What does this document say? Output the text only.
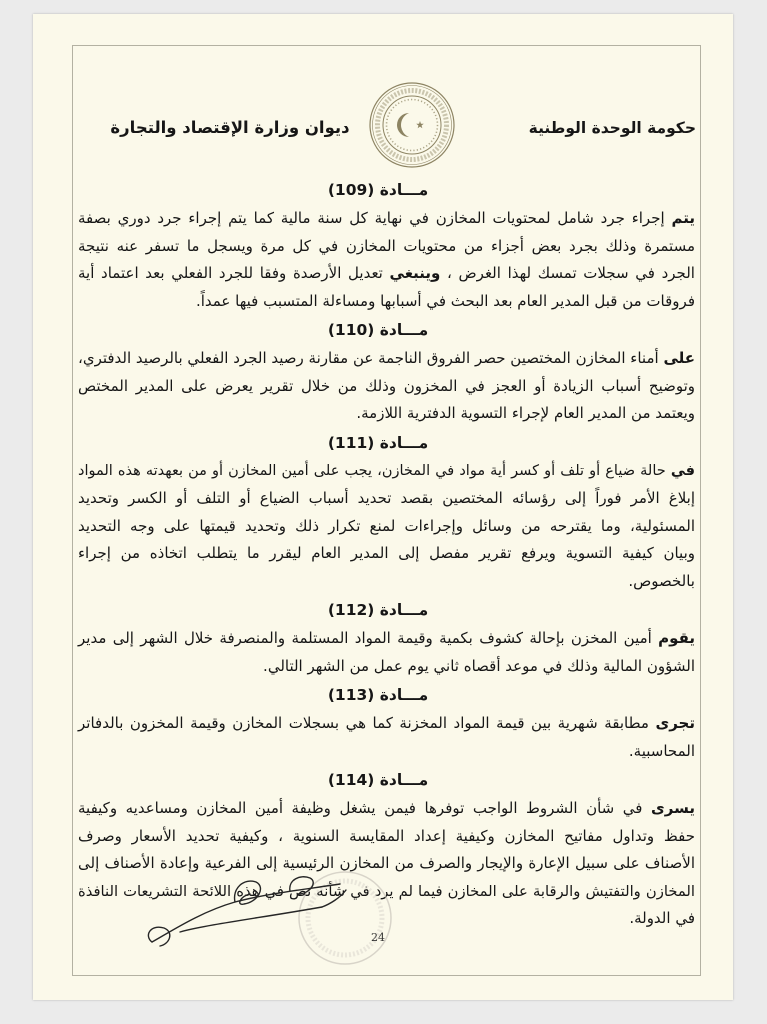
حكومة الوحدة الوطنية
ديوان وزارة الإقتصاد والتجارة
مـــادة (109)
يتم إجراء جرد شامل لمحتويات المخازن في نهاية كل سنة مالية كما يتم إجراء جرد دوري بصفة
مستمرة وذلك بجرد بعض أجزاء من محتويات المخازن في كل مرة ويسجل ما تسفر عنه نتيجة
الجرد في سجلات تمسك لهذا الغرض ، وينبغي تعديل الأرصدة وفقا للجرد الفعلي بعد اعتماد أية
فروقات من قبل المدير العام بعد البحث في أسبابها ومساءلة المتسبب فيها عمداً.
مـــادة (110)
على أمناء المخازن المختصين حصر الفروق الناجمة عن مقارنة رصيد الجرد الفعلي بالرصيد الدفتري،
وتوضيح أسباب الزيادة أو العجز في المخزون وذلك من خلال تقرير يعرض على المدير المختص
ويعتمد من المدير العام لإجراء التسوية الدفترية اللازمة.
مـــادة (111)
في حالة ضياع أو تلف أو كسر أية مواد في المخازن، يجب على أمين المخازن أو من بعهدته هذه المواد
إبلاغ الأمر فوراً إلى رؤسائه المختصين بقصد تحديد أسباب الضياع أو التلف أو الكسر وتحديد
المسئولية، وما يقترحه من وسائل وإجراءات لمنع تكرار ذلك وتحديد قيمتها على وجه التحديد
وبيان كيفية التسوية ويرفع تقرير مفصل إلى المدير العام ليقرر ما يتطلب اتخاذه من إجراء
بالخصوص.
مـــادة (112)
يقوم أمين المخزن بإحالة كشوف بكمية وقيمة المواد المستلمة والمنصرفة خلال الشهر إلى مدير
الشؤون المالية وذلك في موعد أقصاه ثاني يوم عمل من الشهر التالي.
مـــادة (113)
تجرى مطابقة شهرية بين قيمة المواد المخزنة كما هي بسجلات المخازن وقيمة المخزون بالدفاتر
المحاسبية.
مـــادة (114)
يسرى في شأن الشروط الواجب توفرها فيمن يشغل وظيفة أمين المخازن ومساعديه وكيفية
حفظ وتداول مفاتيح المخازن وكيفية إعداد المقايسة السنوية ، وكيفية تحديد الأسعار وصرف
الأصناف على سبيل الإعارة والإيجار والصرف من المخازن الرئيسية إلى الفرعية وإعادة الأصناف إلى
المخازن والتفتيش والرقابة على المخازن فيما لم يرد في شأنه نص في هذه اللائحة التشريعات النافذة
في الدولة.
24
